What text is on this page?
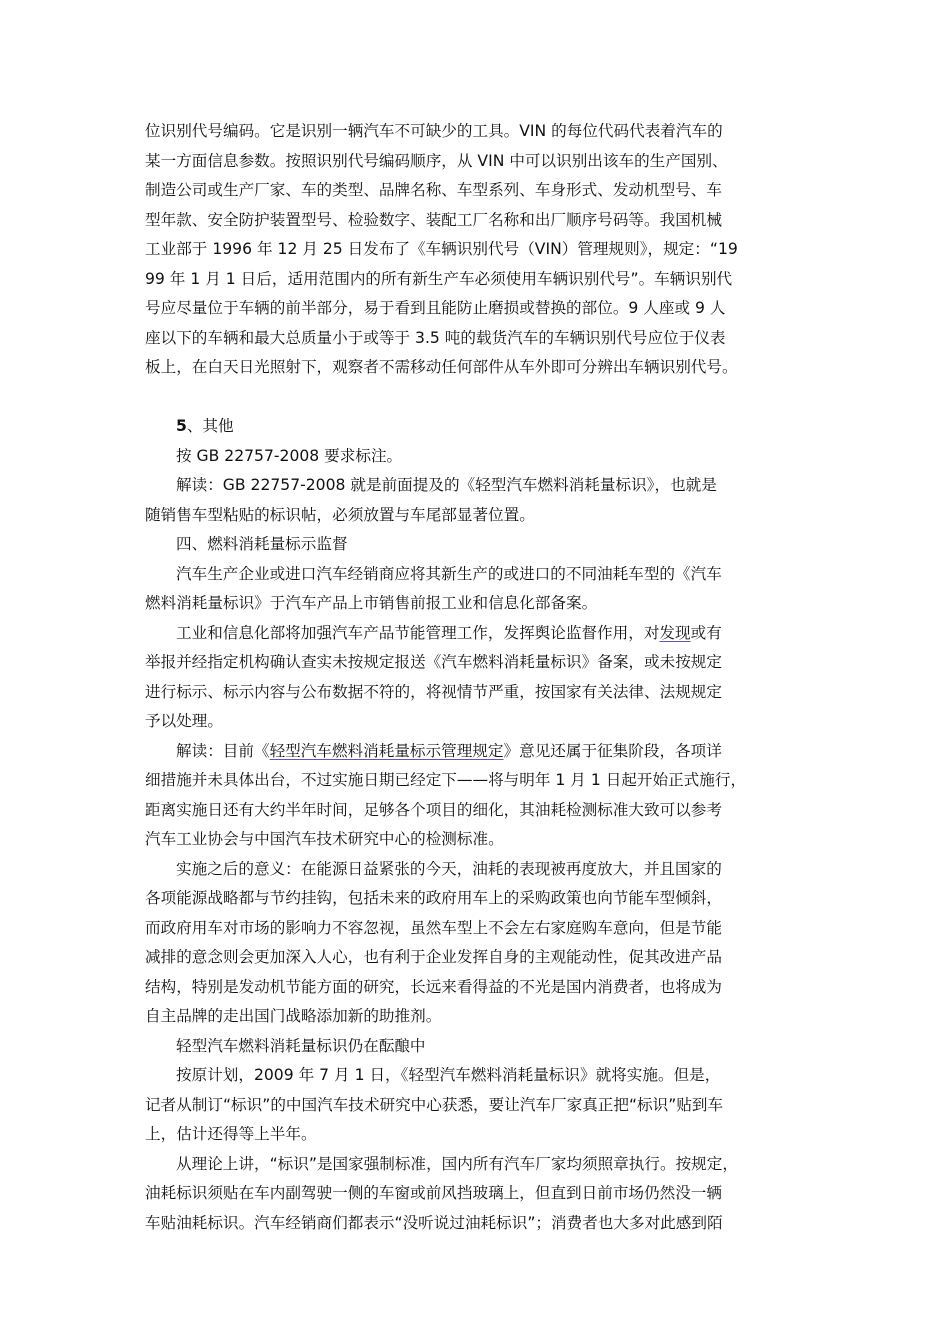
位识别代号编码。它是识别一辆汽车不可缺少的工具。VIN 的每位代码代表着汽车的
某一方面信息参数。按照识别代号编码顺序，从 VIN 中可以识别出该车的生产国别、
制造公司或生产厂家、车的类型、品牌名称、车型系列、车身形式、发动机型号、车
型年款、安全防护装置型号、检验数字、装配工厂名称和出厂顺序号码等。我国机械
工业部于 1996 年 12 月 25 日发布了《车辆识别代号（VIN）管理规则》，规定：“19
99 年 1 月 1 日后，适用范围内的所有新生产车必须使用车辆识别代号”。车辆识别代
号应尽量位于车辆的前半部分，易于看到且能防止磨损或替换的部位。9 人座或 9 人
座以下的车辆和最大总质量小于或等于 3.5 吨的载货汽车的车辆识别代号应位于仪表
板上，在白天日光照射下，观察者不需移动任何部件从车外即可分辨出车辆识别代号。
5、其他
按 GB 22757-2008 要求标注。
解读：GB 22757-2008 就是前面提及的《轻型汽车燃料消耗量标识》，也就是
随销售车型粘贴的标识帖，必须放置与车尾部显著位置。
四、燃料消耗量标示监督
汽车生产企业或进口汽车经销商应将其新生产的或进口的不同油耗车型的《汽车
燃料消耗量标识》于汽车产品上市销售前报工业和信息化部备案。
工业和信息化部将加强汽车产品节能管理工作，发挥舆论监督作用，对发现或有
举报并经指定机构确认查实未按规定报送《汽车燃料消耗量标识》备案，或未按规定
进行标示、标示内容与公布数据不符的，将视情节严重，按国家有关法律、法规规定
予以处理。
解读：目前《轻型汽车燃料消耗量标示管理规定》意见还属于征集阶段，各项详
细措施并未具体出台，不过实施日期已经定下——将与明年 1 月 1 日起开始正式施行，
距离实施日还有大约半年时间，足够各个项目的细化，其油耗检测标准大致可以参考
汽车工业协会与中国汽车技术研究中心的检测标准。
实施之后的意义：在能源日益紧张的今天，油耗的表现被再度放大，并且国家的
各项能源战略都与节约挂钩，包括未来的政府用车上的采购政策也向节能车型倾斜，
而政府用车对市场的影响力不容忽视，虽然车型上不会左右家庭购车意向，但是节能
减排的意念则会更加深入人心，也有利于企业发挥自身的主观能动性，促其改进产品
结构，特别是发动机节能方面的研究，长远来看得益的不光是国内消费者，也将成为
自主品牌的走出国门战略添加新的助推剂。
轻型汽车燃料消耗量标识仍在酝酿中
按原计划，2009 年 7 月 1 日，《轻型汽车燃料消耗量标识》就将实施。但是，
记者从制订“标识”的中国汽车技术研究中心获悉，要让汽车厂家真正把“标识”贴到车
上，估计还得等上半年。
从理论上讲，“标识”是国家强制标准，国内所有汽车厂家均须照章执行。按规定，
油耗标识须贴在车内副驾驶一侧的车窗或前风挡玻璃上，但直到日前市场仍然没一辆
车贴油耗标识。汽车经销商们都表示“没听说过油耗标识”；消费者也大多对此感到陌
